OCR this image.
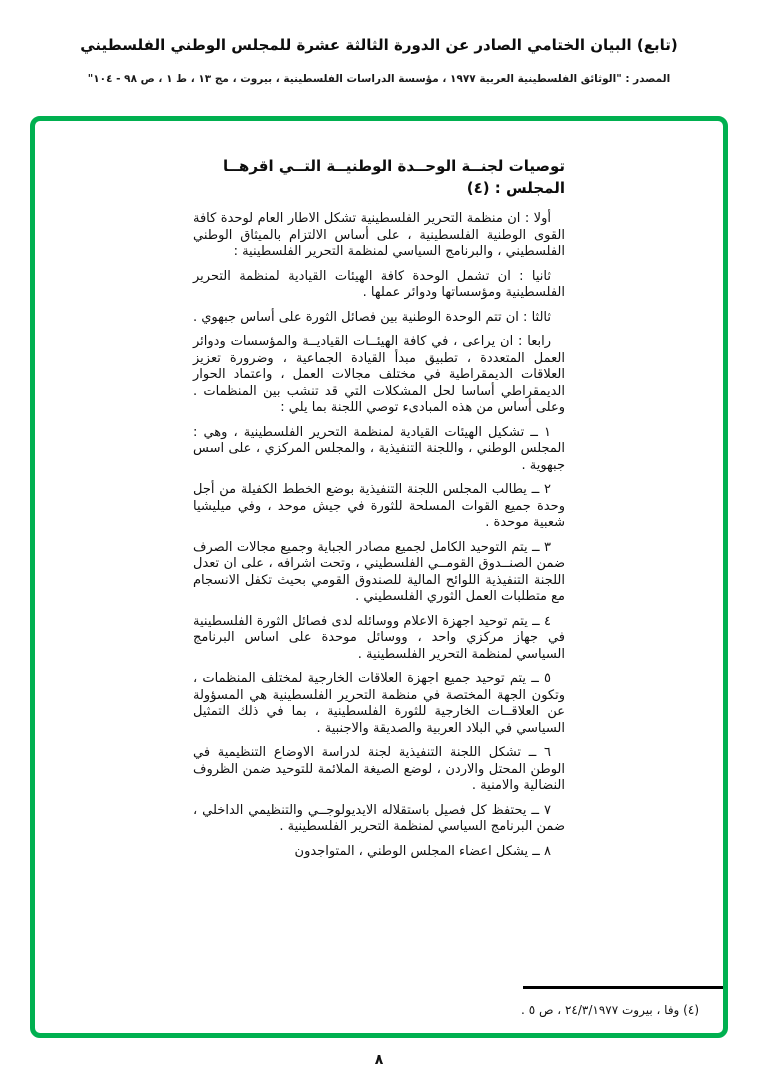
(تابع) البيان الختامي الصادر عن الدورة الثالثة عشرة للمجلس الوطني الفلسطيني
المصدر : "الوثائق الفلسطينية العربية ١٩٧٧ ، مؤسسة الدراسات الفلسطينية ، بيروت ، مج ١٣ ، ط ١ ، ص ٩٨ - ١٠٤"
توصيات لجنــة الوحــدة الوطنيــة التــي اقرهــا
المجلس : (٤)

أولا : ان منظمة التحرير الفلسطينية تشكل الاطار العام لوحدة كافة القوى الوطنية الفلسطينية ، على أساس الالتزام بالميثاق الوطني الفلسطيني ، والبرنامج السياسي لمنظمة التحرير الفلسطينية :

ثانيا : ان تشمل الوحدة كافة الهيئات القيادية لمنظمة التحرير الفلسطينية ومؤسساتها ودوائر عملها .

ثالثا : ان تتم الوحدة الوطنية بين فصائل الثورة على أساس جبهوي .

رابعا : ان يراعى ، في كافة الهيئــات القياديــة والمؤسسات ودوائر العمل المتعددة ، تطبيق مبدأ القيادة الجماعية ، وضرورة تعزيز العلاقات الديمقراطية في مختلف مجالات العمل ، واعتماد الحوار الديمقراطي أساسا لحل المشكلات التي قد تنشب بين المنظمات . وعلى أساس من هذه المبادىء توصي اللجنة بما يلي :

١ ــ تشكيل الهيئات القيادية لمنظمة التحرير الفلسطينية ، وهي : المجلس الوطني ، واللجنة التنفيذية ، والمجلس المركزي ، على اسس جبهوية .

٢ ــ يطالب المجلس اللجنة التنفيذية بوضع الخطط الكفيلة من أجل وحدة جميع القوات المسلحة للثورة في جيش موحد ، وفي ميليشيا شعبية موحدة .

٣ ــ يتم التوحيد الكامل لجميع مصادر الجباية وجميع مجالات الصرف ضمن الصنــدوق القومــي الفلسطيني ، وتحت اشرافه ، على ان تعدل اللجنة التنفيذية اللوائح المالية للصندوق القومي بحيث تكفل الانسجام مع متطلبات العمل الثوري الفلسطيني .

٤ ــ يتم توحيد اجهزة الاعلام ووسائله لدى فصائل الثورة الفلسطينية في جهاز مركزي واحد ، ووسائل موحدة على اساس البرنامج السياسي لمنظمة التحرير الفلسطينية .

٥ ــ يتم توحيد جميع اجهزة العلاقات الخارجية لمختلف المنظمات ، وتكون الجهة المختصة في منظمة التحرير الفلسطينية هي المسؤولة عن العلاقــات الخارجية للثورة الفلسطينية ، بما في ذلك التمثيل السياسي في البلاد العربية والصديقة والاجنبية .

٦ ــ تشكل اللجنة التنفيذية لجنة لدراسة الاوضاع التنظيمية في الوطن المحتل والاردن ، لوضع الصيغة الملائمة للتوحيد ضمن الظروف النضالية والامنية .

٧ ــ يحتفظ كل فصيل باستقلاله الايديولوجــي والتنظيمي الداخلي ، ضمن البرنامج السياسي لمنظمة التحرير الفلسطينية .

٨ ــ يشكل اعضاء المجلس الوطني ، المتواجدون

(٤) وفا ، بيروت ٢٤/٣/١٩٧٧ ، ص ٥ .
٨
